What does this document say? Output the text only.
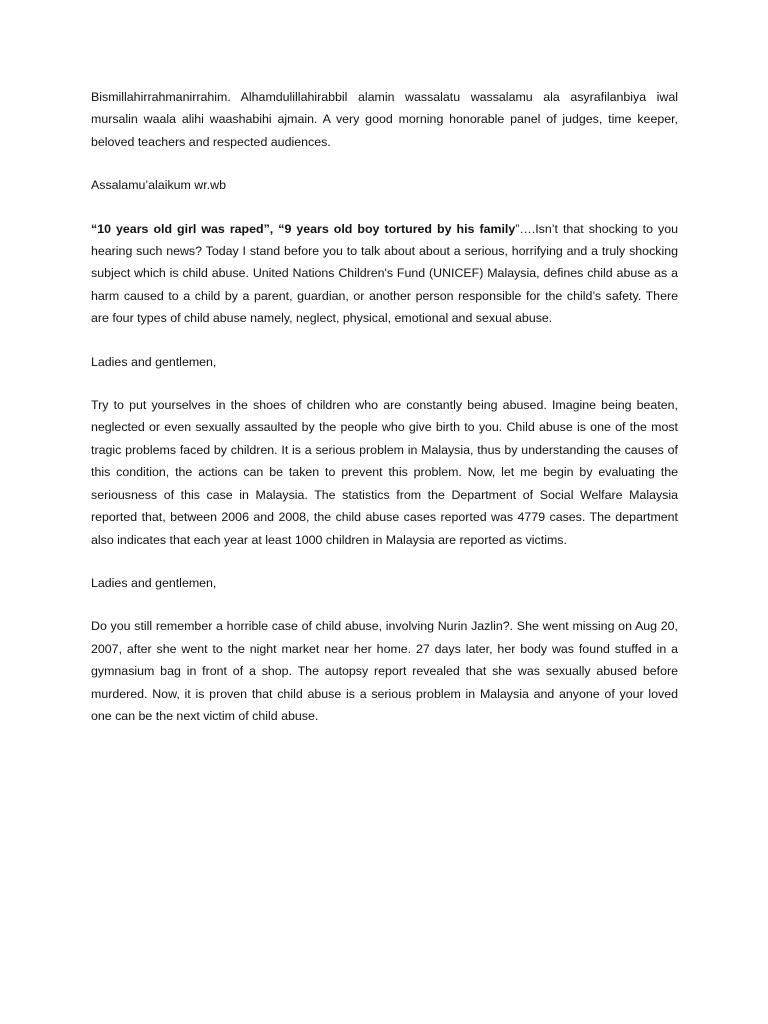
Bismillahirrahmanirrahim. Alhamdulillahirabbil alamin wassalatu wassalamu ala asyrafilanbiya iwal mursalin waala alihi waashabihi ajmain. A very good morning honorable panel of judges, time keeper, beloved teachers and respected audiences.

Assalamu’alaikum wr.wb

“10 years old girl was raped”, “9 years old boy tortured by his family”….Isn’t that shocking to you hearing such news? Today I stand before you to talk about about a serious, horrifying and a truly shocking subject which is child abuse. United Nations Children's Fund (UNICEF) Malaysia, defines child abuse as a harm caused to a child by a parent, guardian, or another person responsible for the child’s safety. There are four types of child abuse namely, neglect, physical, emotional and sexual abuse.

Ladies and gentlemen,

Try to put yourselves in the shoes of children who are constantly being abused. Imagine being beaten, neglected or even sexually assaulted by the people who give birth to you. Child abuse is one of the most tragic problems faced by children. It is a serious problem in Malaysia, thus by understanding the causes of this condition, the actions can be taken to prevent this problem. Now, let me begin by evaluating the seriousness of this case in Malaysia. The statistics from the Department of Social Welfare Malaysia reported that, between 2006 and 2008, the child abuse cases reported was 4779 cases. The department also indicates that each year at least 1000 children in Malaysia are reported as victims.

Ladies and gentlemen,

Do you still remember a horrible case of child abuse, involving Nurin Jazlin?. She went missing on Aug 20, 2007, after she went to the night market near her home. 27 days later, her body was found stuffed in a gymnasium bag in front of a shop. The autopsy report revealed that she was sexually abused before murdered. Now, it is proven that child abuse is a serious problem in Malaysia and anyone of your loved one can be the next victim of child abuse.
